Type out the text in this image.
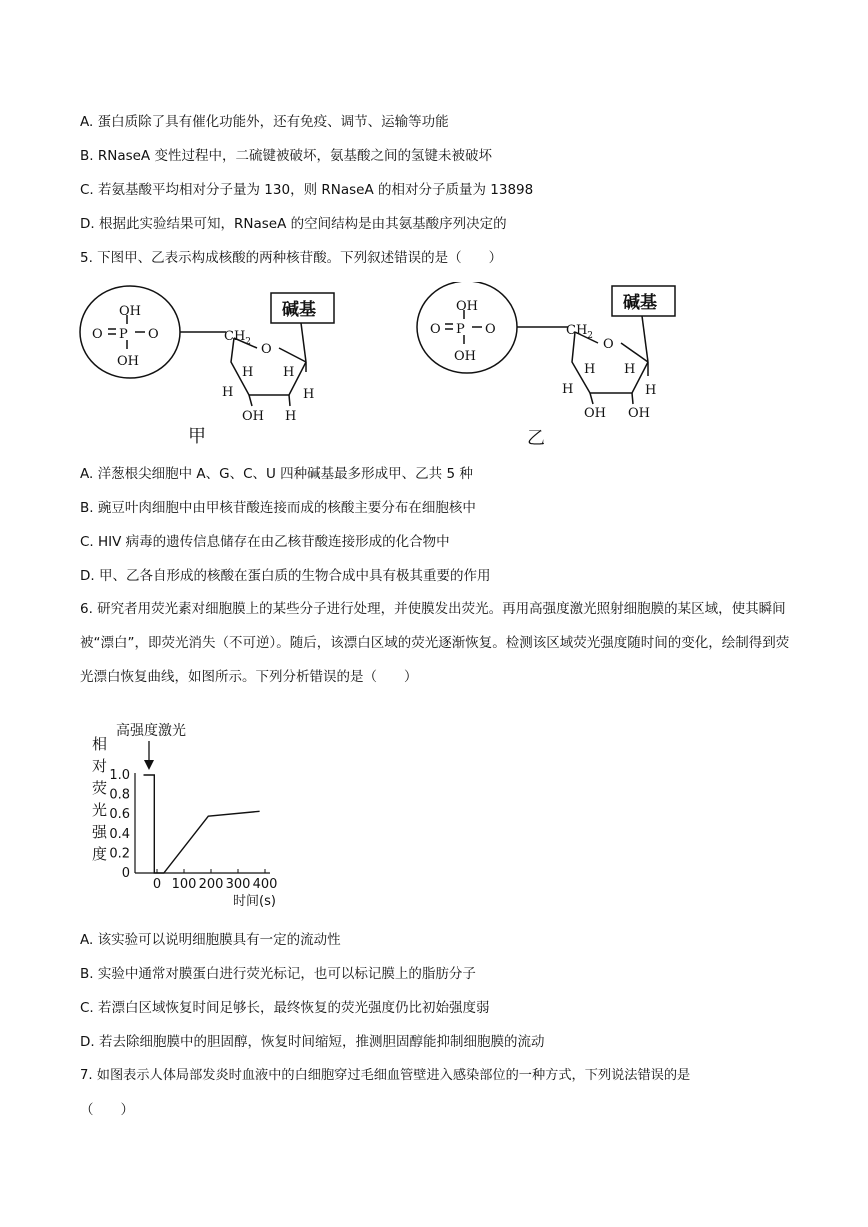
A. 蛋白质除了具有催化功能外，还有免疫、调节、运输等功能
B. RNaseA 变性过程中，二硫键被破坏，氨基酸之间的氢键未被破坏
C. 若氨基酸平均相对分子量为 130，则 RNaseA 的相对分子质量为 13898
D. 根据此实验结果可知，RNaseA 的空间结构是由其氨基酸序列决定的
5. 下图甲、乙表示构成核酸的两种核苷酸。下列叙述错误的是（　　）
碱基
OH
O P O
OH
$CH_2$ O
H H
H	H
OH H
甲
碱基
OH
O P O
OH
$CH_2$
O
H H
H	H
OH OH
乙
A. 洋葱根尖细胞中 A、G、C、U 四种碱基最多形成甲、乙共 5 种
B. 豌豆叶肉细胞中由甲核苷酸连接而成的核酸主要分布在细胞核中
C. HIV 病毒的遗传信息储存在由乙核苷酸连接形成的化合物中
D. 甲、乙各自形成的核酸在蛋白质的生物合成中具有极其重要的作用
6. 研究者用荧光素对细胞膜上的某些分子进行处理，并使膜发出荧光。再用高强度激光照射细胞膜的某区域，使其瞬间被“漂白”，即荧光消失（不可逆）。随后，该漂白区域的荧光逐渐恢复。检测该区域荧光强度随时间的变化，绘制得到荧光漂白恢复曲线，如图所示。下列分析错误的是（　　）
0
0.2
0.4
0.6
0.8
1.0
0 100 200 300 400
相
对
荧
光
强
度
高强度激光
时间(s)
A. 该实验可以说明细胞膜具有一定的流动性
B. 实验中通常对膜蛋白进行荧光标记，也可以标记膜上的脂肪分子
C. 若漂白区域恢复时间足够长，最终恢复的荧光强度仍比初始强度弱
D. 若去除细胞膜中的胆固醇，恢复时间缩短，推测胆固醇能抑制细胞膜的流动
7. 如图表示人体局部发炎时血液中的白细胞穿过毛细血管壁进入感染部位的一种方式，下列说法错误的是
（　　）
